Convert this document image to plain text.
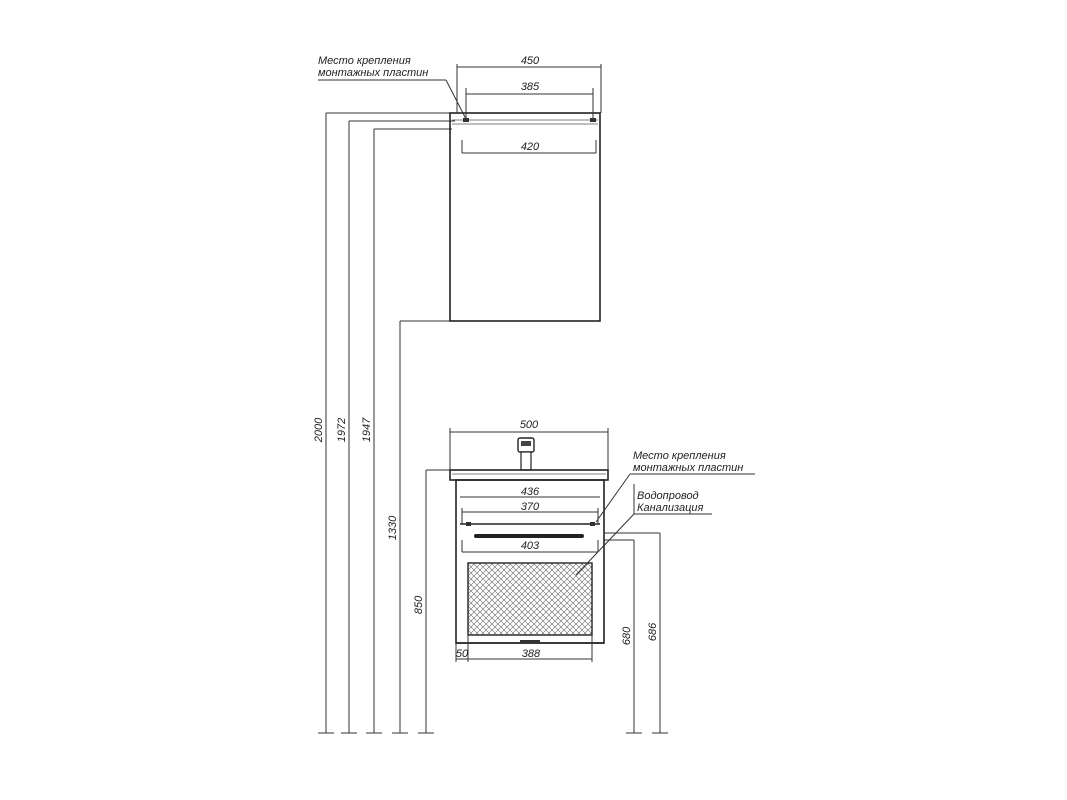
2000 1972 1947
1330
850
450
385
420
Место крепления
монтажных пластин
500
436
370
403
50	388
Место крепления
монтажных пластин
Водопровод
Канализация
680 686
